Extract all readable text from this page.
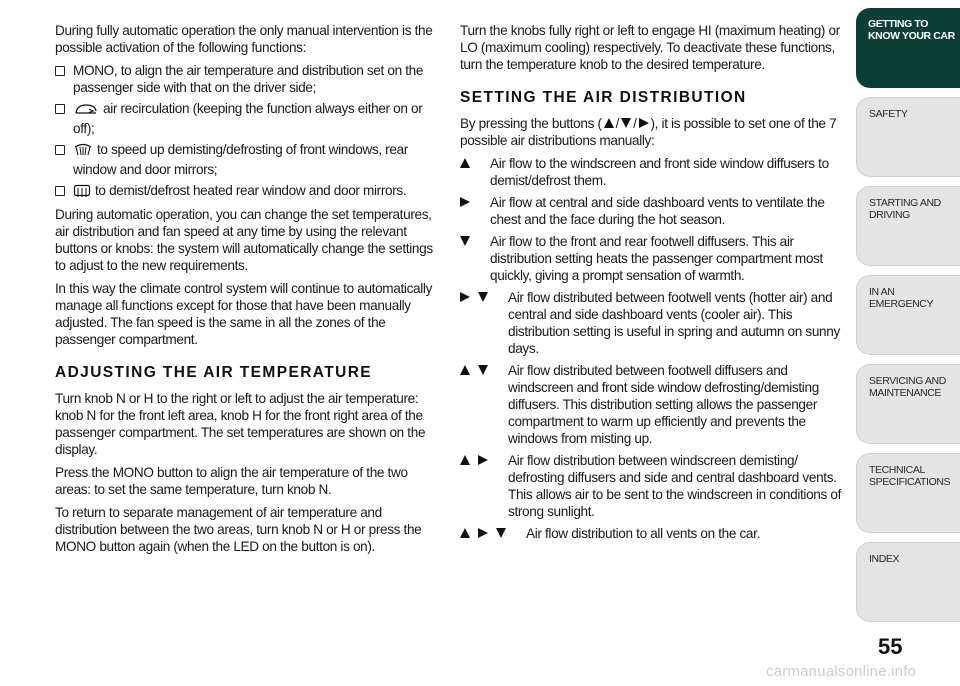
During fully automatic operation the only manual intervention is the possible activation of the following functions:

MONO, to align the air temperature and distribution set on the passenger side with that on the driver side;
air recirculation (keeping the function always either on or off);
to speed up demisting/defrosting of front windows, rear window and door mirrors;
to demist/defrost heated rear window and door mirrors.

During automatic operation, you can change the set temperatures, air distribution and fan speed at any time by using the relevant buttons or knobs: the system will automatically change the settings to adjust to the new requirements.

In this way the climate control system will continue to automatically manage all functions except for those that have been manually adjusted. The fan speed is the same in all the zones of the passenger compartment.

ADJUSTING THE AIR TEMPERATURE

Turn knob N or H to the right or left to adjust the air temperature: knob N for the front left area, knob H for the front right area of the passenger compartment. The set temperatures are shown on the display.

Press the MONO button to align the air temperature of the two areas: to set the same temperature, turn knob N.

To return to separate management of air temperature and distribution between the two areas, turn knob N or H or press the MONO button again (when the LED on the button is on).

Turn the knobs fully right or left to engage HI (maximum heating) or LO (maximum cooling) respectively. To deactivate these functions, turn the temperature knob to the desired temperature.

SETTING THE AIR DISTRIBUTION

By pressing the buttons ( / / ), it is possible to set one of the 7 possible air distributions manually:

Air flow to the windscreen and front side window diffusers to demist/defrost them.
Air flow at central and side dashboard vents to ventilate the chest and the face during the hot season.
Air flow to the front and rear footwell diffusers. This air distribution setting heats the passenger compartment most quickly, giving a prompt sensation of warmth.
Air flow distributed between footwell vents (hotter air) and central and side dashboard vents (cooler air). This distribution setting is useful in spring and autumn on sunny days.
Air flow distributed between footwell diffusers and windscreen and front side window defrosting/demisting diffusers. This distribution setting allows the passenger compartment to warm up efficiently and prevents the windows from misting up.
Air flow distribution between windscreen demisting/ defrosting diffusers and side and central dashboard vents. This allows air to be sent to the windscreen in conditions of strong sunlight.
Air flow distribution to all vents on the car.
GETTING TO
KNOW YOUR CAR
SAFETY
STARTING AND
DRIVING
IN AN EMERGENCY
SERVICING AND
MAINTENANCE
TECHNICAL
SPECIFICATIONS
INDEX
55
carmanualsonline.info
